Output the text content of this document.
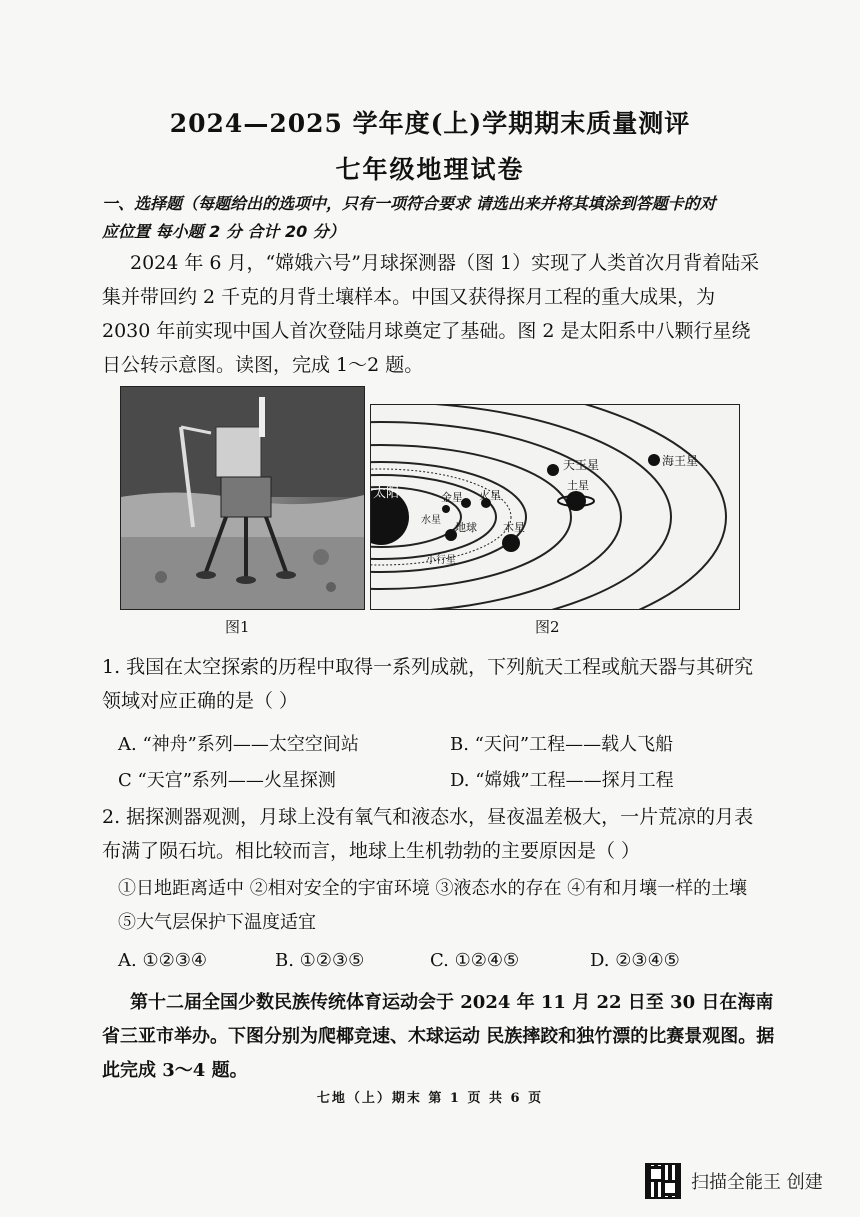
2024—2025 学年度(上)学期期末质量测评
七年级地理试卷
一、选择题（每题给出的选项中，只有一项符合要求 请选出来并将其填涂到答题卡的对
应位置 每小题 2 分 合计 20 分）
2024 年 6 月，“嫦娥六号”月球探测器（图 1）实现了人类首次月背着陆采集并带回约 2 千克的月背土壤样本。中国又获得探月工程的重大成果，为 2030 年前实现中国人首次登陆月球奠定了基础。图 2 是太阳系中八颗行星绕日公转示意图。读图，完成 1～2 题。
天王星	海王星
土星
金星 火星
水星
地球 木星
小行星
太阳
图1	图2
1. 我国在太空探索的历程中取得一系列成就，下列航天工程或航天器与其研究领域对应正确的是（ ）
A. “神舟”系列——太空空间站	B. “天问”工程——载人飞船
C “天宫”系列——火星探测	D. “嫦娥”工程——探月工程
2. 据探测器观测，月球上没有氧气和液态水，昼夜温差极大，一片荒凉的月表布满了陨石坑。相比较而言，地球上生机勃勃的主要原因是（ ）
①日地距离适中 ②相对安全的宇宙环境 ③液态水的存在 ④有和月壤一样的土壤 ⑤大气层保护下温度适宜
A. ①②③④	B. ①②③⑤	C. ①②④⑤	D. ②③④⑤
第十二届全国少数民族传统体育运动会于 2024 年 11 月 22 日至 30 日在海南省三亚市举办。下图分别为爬椰竞速、木球运动 民族摔跤和独竹漂的比赛景观图。据此完成 3～4 题。
七地（上）期末 第 1 页 共 6 页
扫描全能王 创建
